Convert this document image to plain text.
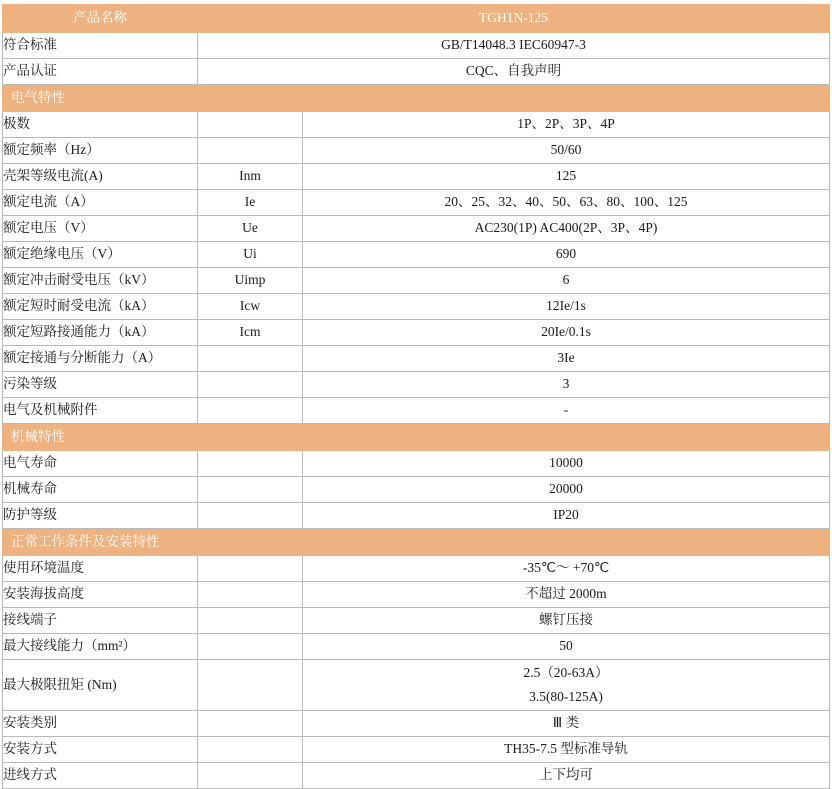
产品名称	TGH1N-125	
符合标准	GB/T14048.3 IEC60947-3	
产品认证	CQC、自我声明	
电气特性		
极数		1P、2P、3P、4P
额定频率（Hz）		50/60
壳架等级电流(A)	Inm	125
额定电流（A）	Ie	20、25、32、40、50、63、80、100、125
额定电压（V）	Ue	AC230(1P) AC400(2P、3P、4P)
额定绝缘电压（V）	Ui	690
额定冲击耐受电压（kV）	Uimp	6
额定短时耐受电流（kA）	Icw	12Ie/1s
额定短路接通能力（kA）	Icm	20Ie/0.1s
额定接通与分断能力（A）		3Ie
污染等级		3
电气及机械附件		-
机械特性		
电气寿命		10000
机械寿命		20000
防护等级		IP20
正常工作条件及安装特性		
使用环境温度		-35℃～ +70℃
安装海拔高度		不超过 2000m
接线端子		螺钉压接
最大接线能力（mm²）		50
最大极限扭矩 (Nm)		2.5（20-63A）
3.5(80-125A)

安装类别		Ⅲ 类
安装方式		TH35-7.5 型标准导轨
进线方式		上下均可
